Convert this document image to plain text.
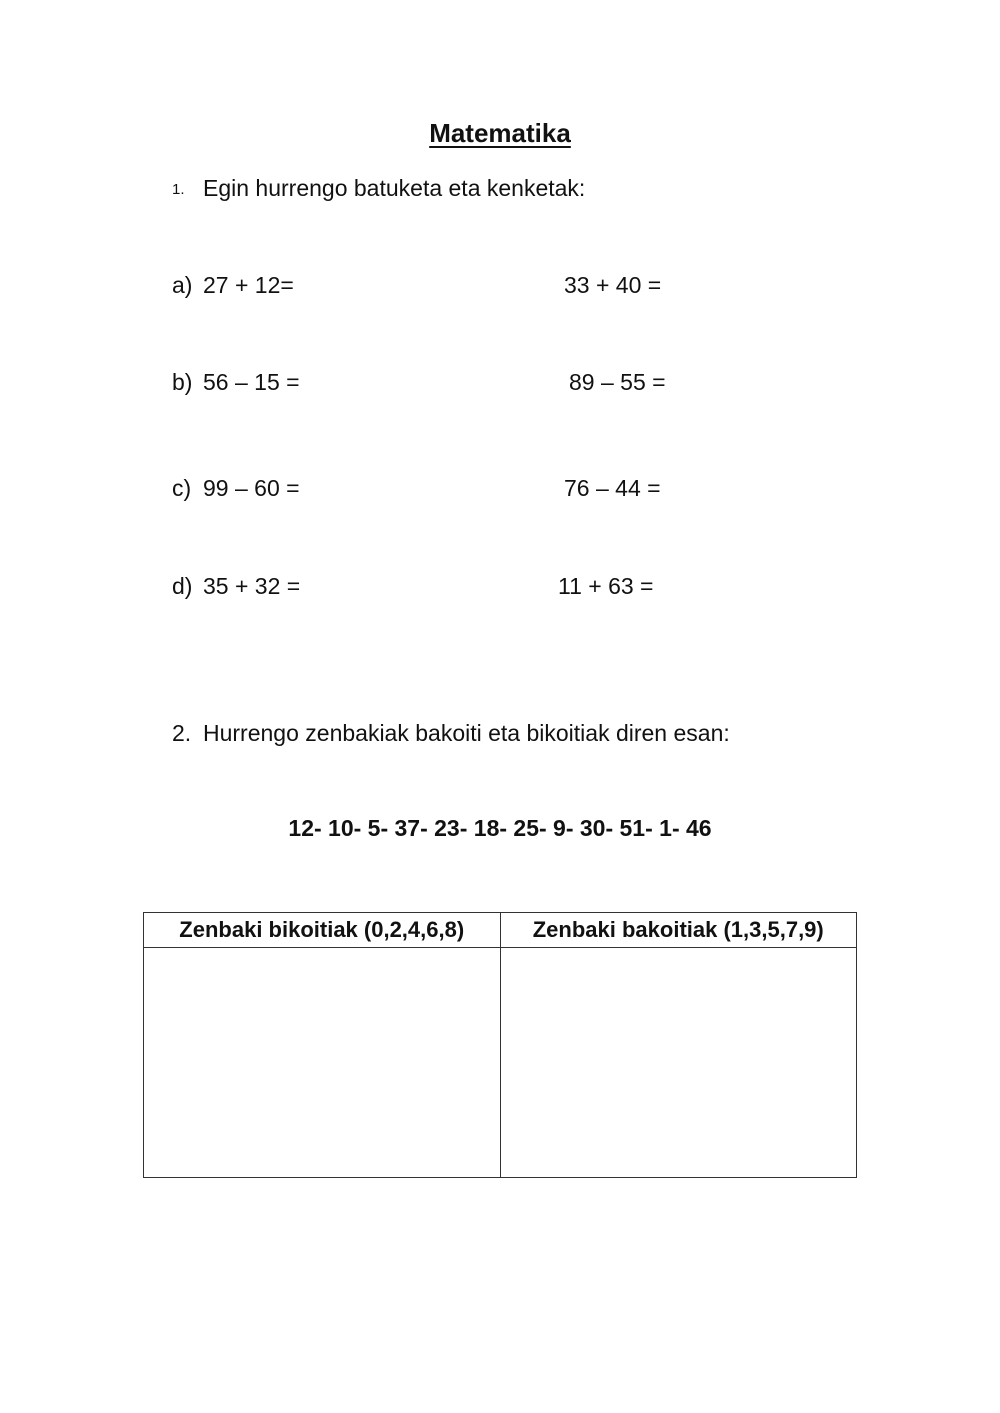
Matematika
1. Egin hurrengo batuketa eta kenketak:
a) 27 + 12=	33 + 40 =
b) 56 – 15 =	89 – 55 =
c) 99 – 60 =	76 – 44 =
d) 35 + 32 =	11 + 63 =
2. Hurrengo zenbakiak bakoiti eta bikoitiak diren esan:
12- 10- 5- 37- 23- 18- 25- 9- 30- 51- 1- 46
Zenbaki bikoitiak (0,2,4,6,8)	Zenbaki bakoitiak (1,3,5,7,9)
